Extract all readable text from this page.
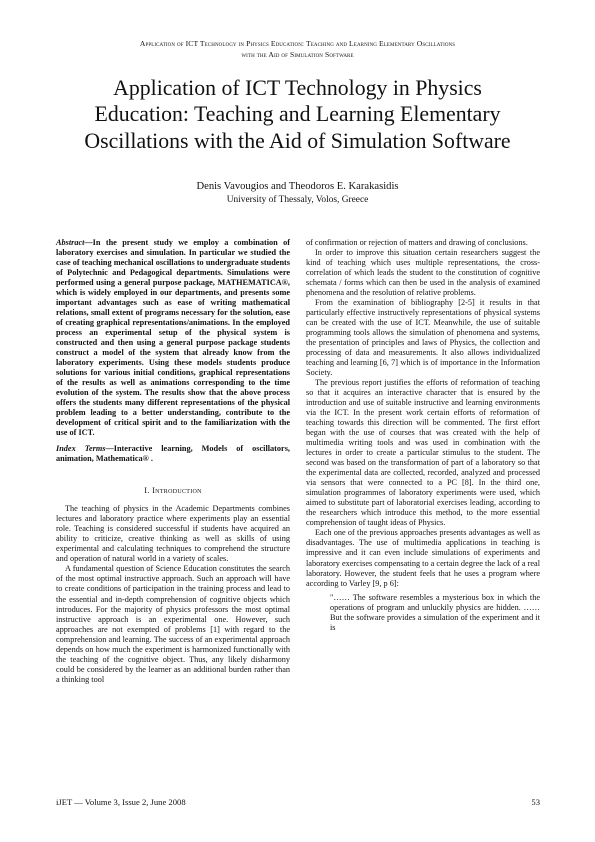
Application of ICT Technology in Physics Education: Teaching and Learning Elementary Oscillations
with the Aid of Simulation Software
Application of ICT Technology in Physics
Education: Teaching and Learning Elementary
Oscillations with the Aid of Simulation Software
Denis Vavougios and Theodoros E. Karakasidis
University of Thessaly, Volos, Greece

Abstract—In the present study we employ a combination of laboratory exercises and simulation. In particular we studied the case of teaching mechanical oscillations to undergraduate students of Polytechnic and Pedagogical departments. Simulations were performed using a general purpose package, MATHEMATICA®, which is widely employed in our departments, and presents some important advantages such as ease of writing mathematical relations, small extent of programs necessary for the solution, ease of creating graphical representations/animations. In the employed process an experimental setup of the physical system is constructed and then using a general purpose package students construct a model of the system that already know from the laboratory experiments. Using these models students produce solutions for various initial conditions, graphical representations of the results as well as animations corresponding to the time evolution of the system. The results show that the above process offers the students many different representations of the physical problem leading to a better understanding, contribute to the development of critical spirit and to the familiarization with the use of ICT.

Index Terms—Interactive learning, Models of oscillators, animation, Mathematica® .

I. Introduction

The teaching of physics in the Academic Departments combines lectures and laboratory practice where experiments play an essential role. Teaching is considered successful if students have acquired an ability to criticize, creative thinking as well as skills of using experimental and calculating techniques to comprehend the structure and operation of natural world in a variety of scales.

A fundamental question of Science Education constitutes the search of the most optimal instructive approach. Such an approach will have to create conditions of participation in the training process and lead to the essential and in-depth comprehension of cognitive objects which introduces. For the majority of physics professors the most optimal instructive approach is an experimental one. However, such approaches are not exempted of problems [1] with regard to the comprehension and learning. The success of an experimental approach depends on how much the experiment is harmonized functionally with the teaching of the cognitive object. Thus, any likely disharmony could be considered by the learner as an additional burden rather than a thinking tool

of confirmation or rejection of matters and drawing of conclusions.

In order to improve this situation certain researchers suggest the kind of teaching which uses multiple representations, the cross-correlation of which leads the student to the constitution of cognitive schemata / forms which can then be used in the analysis of examined phenomena and the resolution of relative problems.

From the examination of bibliography [2-5] it results in that particularly effective instructively representations of physical systems can be created with the use of ICT. Meanwhile, the use of suitable programming tools allows the simulation of phenomena and systems, the presentation of principles and laws of Physics, the collection and processing of data and measurements. It also allows individualized teaching and learning [6, 7] which is of importance in the Information Society.

The previous report justifies the efforts of reformation of teaching so that it acquires an interactive character that is ensured by the introduction and use of suitable instructive and learning environments via the ICT. In the present work certain efforts of reformation of teaching towards this direction will be commented. The first effort began with the use of courses that was created with the help of multimedia writing tools and was used in combination with the lectures in order to create a particular stimulus to the student. The second was based on the transformation of part of a laboratory so that the experimental data are collected, recorded, analyzed and processed via sensors that were connected to a PC [8]. In the third one, simulation programmes of laboratory experiments were used, which aimed to substitute part of laboratorial exercises leading, according to the researchers which introduce this method, to the more essential comprehension of taught ideas of Physics.

Each one of the previous approaches presents advantages as well as disadvantages. The use of multimedia applications in teaching is impressive and it can even include simulations of experiments and laboratory exercises compensating to a certain degree the lack of a real laboratory. However, the student feels that he uses a program where according to Varley [9, p 6]:

"…… The software resembles a mysterious box in which the operations of program and unluckily physics are hidden. …… But the software provides a simulation of the experiment and it is

iJET — Volume 3, Issue 2, June 2008	53
